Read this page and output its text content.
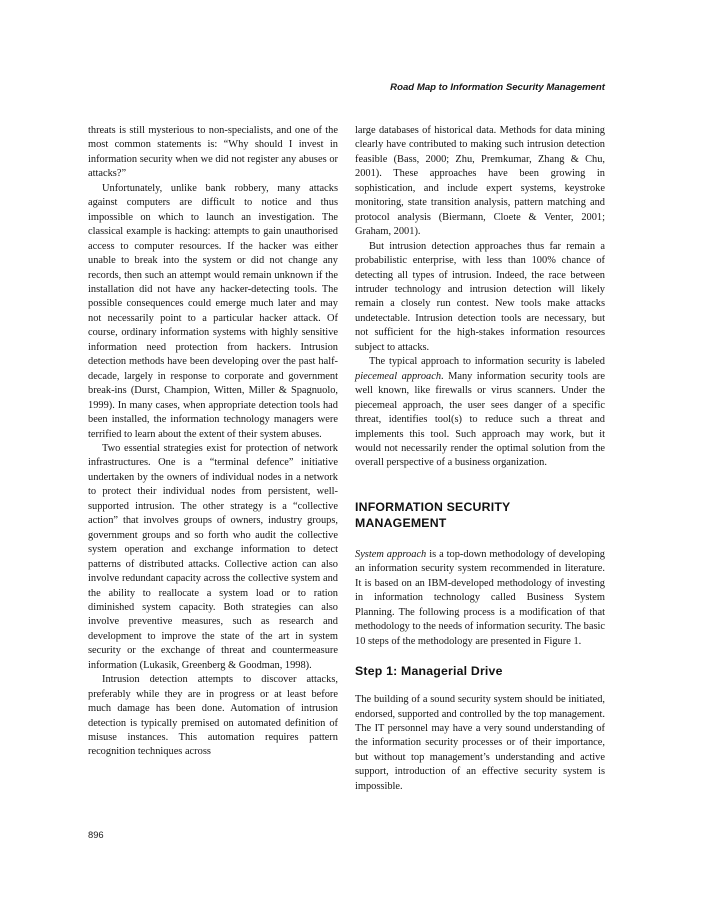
Road Map to Information Security Management

threats is still mysterious to non-specialists, and one of the most common statements is: “Why should I invest in information security when we did not register any abuses or attacks?”

Unfortunately, unlike bank robbery, many attacks against computers are difficult to notice and thus impossible on which to launch an investigation. The classical example is hacking: attempts to gain unauthorised access to computer resources. If the hacker was either unable to break into the system or did not change any records, then such an attempt would remain unknown if the installation did not have any hacker-detecting tools. The possible consequences could emerge much later and may not necessarily point to a particular hacker attack. Of course, ordinary information systems with highly sensitive information need protection from hackers. Intrusion detection methods have been developing over the past half-decade, largely in response to corporate and government break-ins (Durst, Champion, Witten, Miller & Spagnuolo, 1999). In many cases, when appropriate detection tools had been installed, the information technology managers were terrified to learn about the extent of their system abuses.

Two essential strategies exist for protection of network infrastructures. One is a “terminal defence” initiative undertaken by the owners of individual nodes in a network to protect their individual nodes from persistent, well-supported intrusion. The other strategy is a “collective action” that involves groups of owners, industry groups, government groups and so forth who audit the collective system operation and exchange information to detect patterns of distributed attacks. Collective action can also involve redundant capacity across the collective system and the ability to reallocate a system load or to ration diminished system capacity. Both strategies can also involve preventive measures, such as research and development to improve the state of the art in system security or the exchange of threat and countermeasure information (Lukasik, Greenberg & Goodman, 1998).

Intrusion detection attempts to discover attacks, preferably while they are in progress or at least before much damage has been done. Automation of intrusion detection is typically premised on automated definition of misuse instances. This automation requires pattern recognition techniques across

large databases of historical data. Methods for data mining clearly have contributed to making such intrusion detection feasible (Bass, 2000; Zhu, Premkumar, Zhang & Chu, 2001). These approaches have been growing in sophistication, and include expert systems, keystroke monitoring, state transition analysis, pattern matching and protocol analysis (Biermann, Cloete & Venter, 2001; Graham, 2001).

But intrusion detection approaches thus far remain a probabilistic enterprise, with less than 100% chance of detecting all types of intrusion. Indeed, the race between intruder technology and intrusion detection will likely remain a closely run contest. New tools make attacks undetectable. Intrusion detection tools are necessary, but not sufficient for the high-stakes information resources subject to attacks.

The typical approach to information security is labeled piecemeal approach. Many information security tools are well known, like firewalls or virus scanners. Under the piecemeal approach, the user sees danger of a specific threat, identifies tool(s) to reduce such a threat and implements this tool. Such approach may work, but it would not necessarily render the optimal solution from the overall perspective of a business organization.

INFORMATION SECURITY MANAGEMENT

System approach is a top-down methodology of developing an information security system recommended in literature. It is based on an IBM-developed methodology of investing in information technology called Business System Planning. The following process is a modification of that methodology to the needs of information security. The basic 10 steps of the methodology are presented in Figure 1.

Step 1: Managerial Drive

The building of a sound security system should be initiated, endorsed, supported and controlled by the top management. The IT personnel may have a very sound understanding of the information security processes or of their importance, but without top management’s understanding and active support, introduction of an effective security system is impossible.

896
